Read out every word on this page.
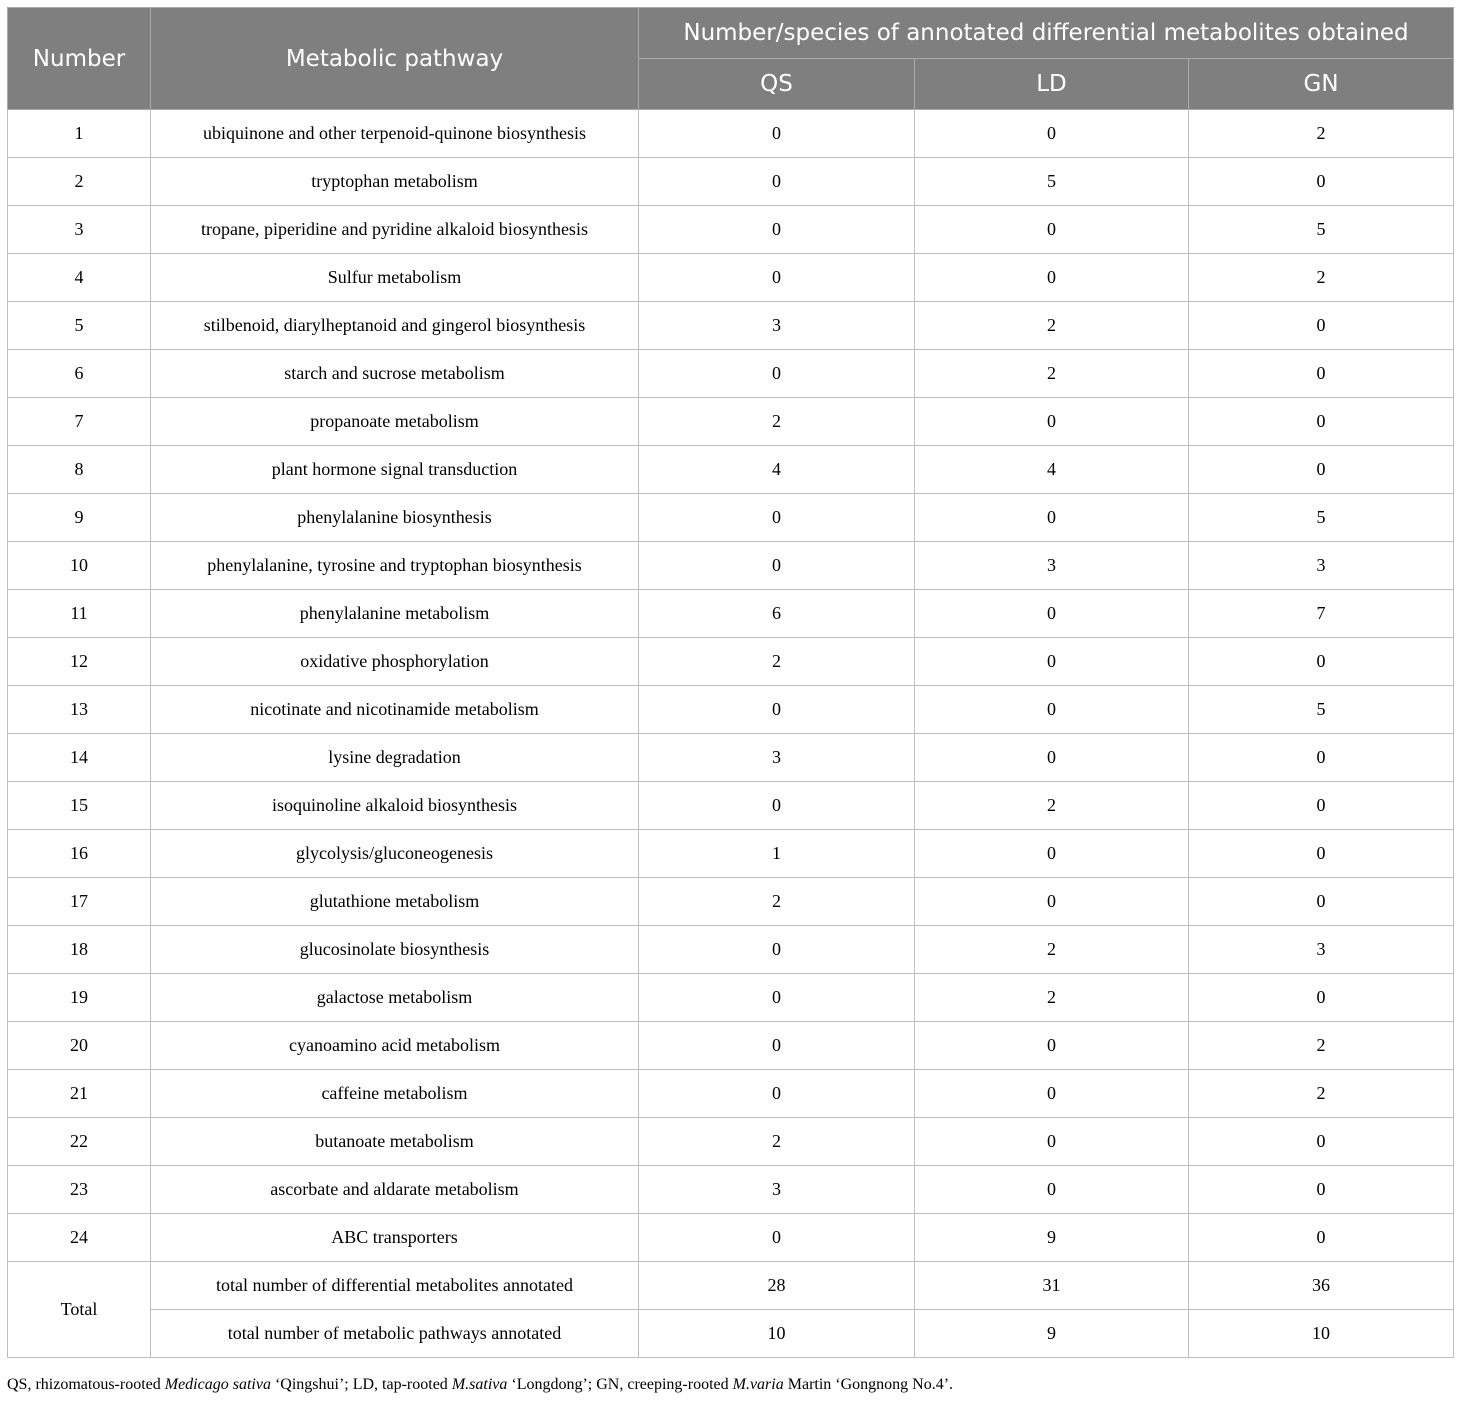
Number	Metabolic pathway	Number/species of annotated differential metabolites obtained		
		QS	LD	GN
1	ubiquinone and other terpenoid-quinone biosynthesis	0	0	2
2	tryptophan metabolism	0	5	0
3	tropane, piperidine and pyridine alkaloid biosynthesis	0	0	5
4	Sulfur metabolism	0	0	2
5	stilbenoid, diarylheptanoid and gingerol biosynthesis	3	2	0
6	starch and sucrose metabolism	0	2	0
7	propanoate metabolism	2	0	0
8	plant hormone signal transduction	4	4	0
9	phenylalanine biosynthesis	0	0	5
10	phenylalanine, tyrosine and tryptophan biosynthesis	0	3	3
11	phenylalanine metabolism	6	0	7
12	oxidative phosphorylation	2	0	0
13	nicotinate and nicotinamide metabolism	0	0	5
14	lysine degradation	3	0	0
15	isoquinoline alkaloid biosynthesis	0	2	0
16	glycolysis/gluconeogenesis	1	0	0
17	glutathione metabolism	2	0	0
18	glucosinolate biosynthesis	0	2	3
19	galactose metabolism	0	2	0
20	cyanoamino acid metabolism	0	0	2
21	caffeine metabolism	0	0	2
22	butanoate metabolism	2	0	0
23	ascorbate and aldarate metabolism	3	0	0
24	ABC transporters	0	9	0
Total	total number of differential metabolites annotated	28	31	36
	total number of metabolic pathways annotated	10	9	10
QS, rhizomatous-rooted Medicago sativa ‘Qingshui’; LD, tap-rooted M.sativa ‘Longdong’; GN, creeping-rooted M.varia Martin ‘Gongnong No.4’.
